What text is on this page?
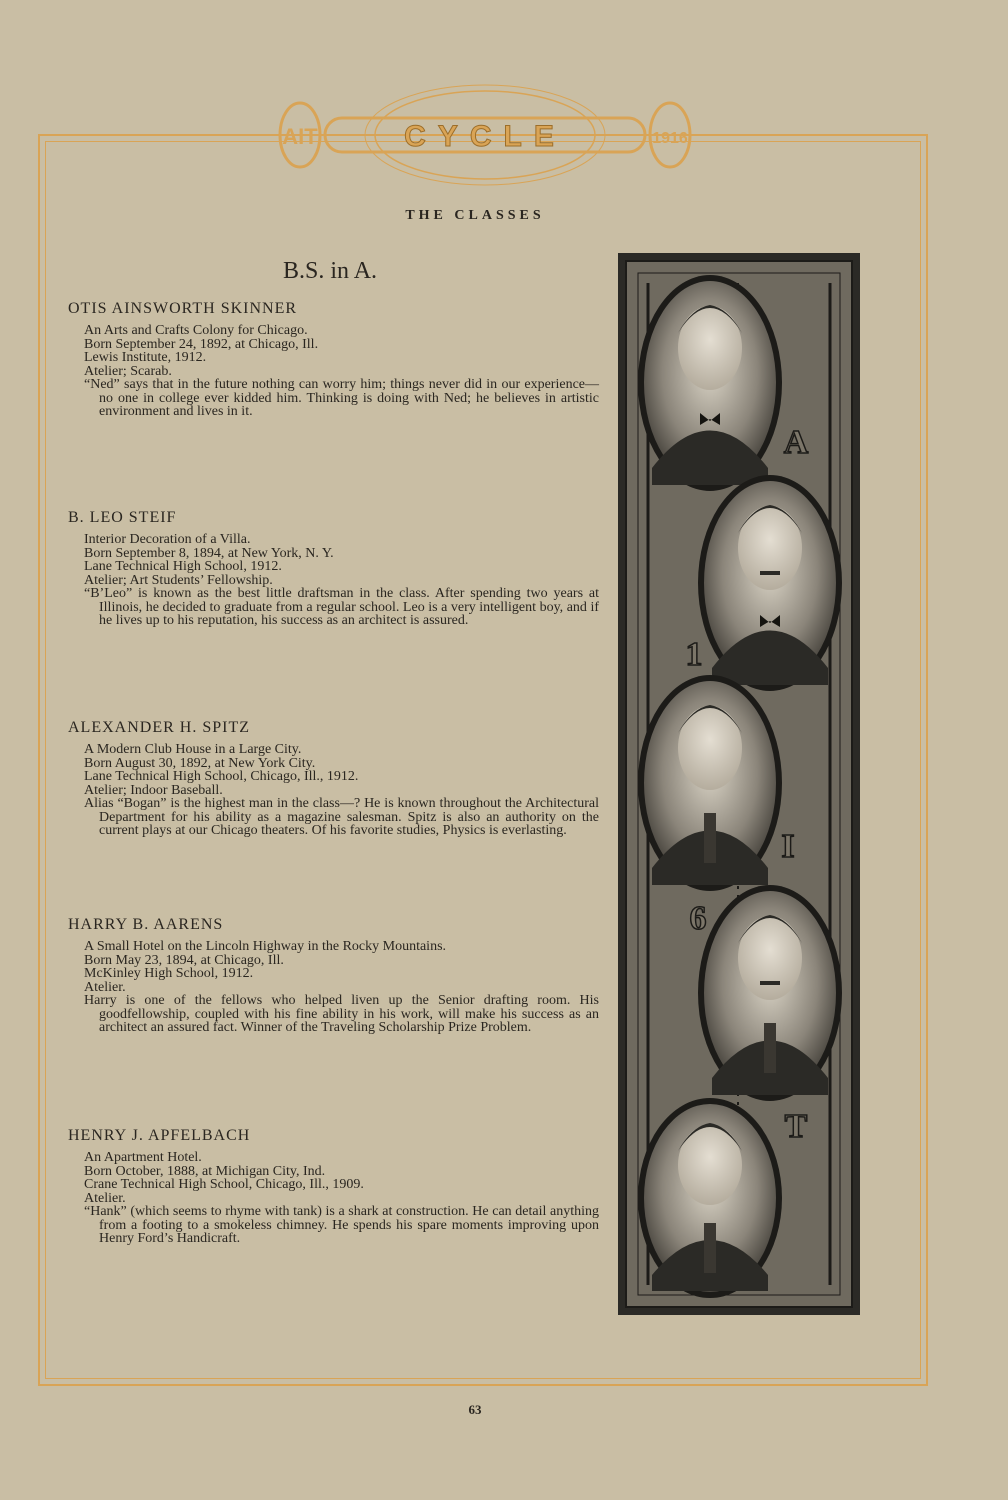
AIT	CYCLE	1916
THE CLASSES
B.S. in A.
OTIS AINSWORTH SKINNER
An Arts and Crafts Colony for Chicago.
Born September 24, 1892, at Chicago, Ill.
Lewis Institute, 1912.
Atelier; Scarab.
“Ned” says that in the future nothing can worry him; things never did in our experience—no one in college ever kidded him. Thinking is doing with Ned; he believes in artistic environment and lives in it.
B. LEO STEIF
Interior Decoration of a Villa.
Born September 8, 1894, at New York, N. Y.
Lane Technical High School, 1912.
Atelier; Art Students’ Fellowship.
“B’Leo” is known as the best little draftsman in the class. After spending two years at Illinois, he decided to graduate from a regular school. Leo is a very intelligent boy, and if he lives up to his reputation, his success as an architect is assured.
ALEXANDER H. SPITZ
A Modern Club House in a Large City.
Born August 30, 1892, at New York City.
Lane Technical High School, Chicago, Ill., 1912.
Atelier; Indoor Baseball.
Alias “Bogan” is the highest man in the class—? He is known throughout the Architectural Department for his ability as a magazine salesman. Spitz is also an authority on the current plays at our Chicago theaters. Of his favorite studies, Physics is everlasting.
HARRY B. AARENS
A Small Hotel on the Lincoln Highway in the Rocky Mountains.
Born May 23, 1894, at Chicago, Ill.
McKinley High School, 1912.
Atelier.
Harry is one of the fellows who helped liven up the Senior drafting room. His goodfellowship, coupled with his fine ability in his work, will make his success as an architect an assured fact. Winner of the Traveling Scholarship Prize Problem.
HENRY J. APFELBACH
An Apartment Hotel.
Born October, 1888, at Michigan City, Ind.
Crane Technical High School, Chicago, Ill., 1909.
Atelier.
“Hank” (which seems to rhyme with tank) is a shark at construction. He can detail anything from a footing to a smokeless chimney. He spends his spare moments improving upon Henry Ford’s Handicraft.
A
1
I
6
T
63
